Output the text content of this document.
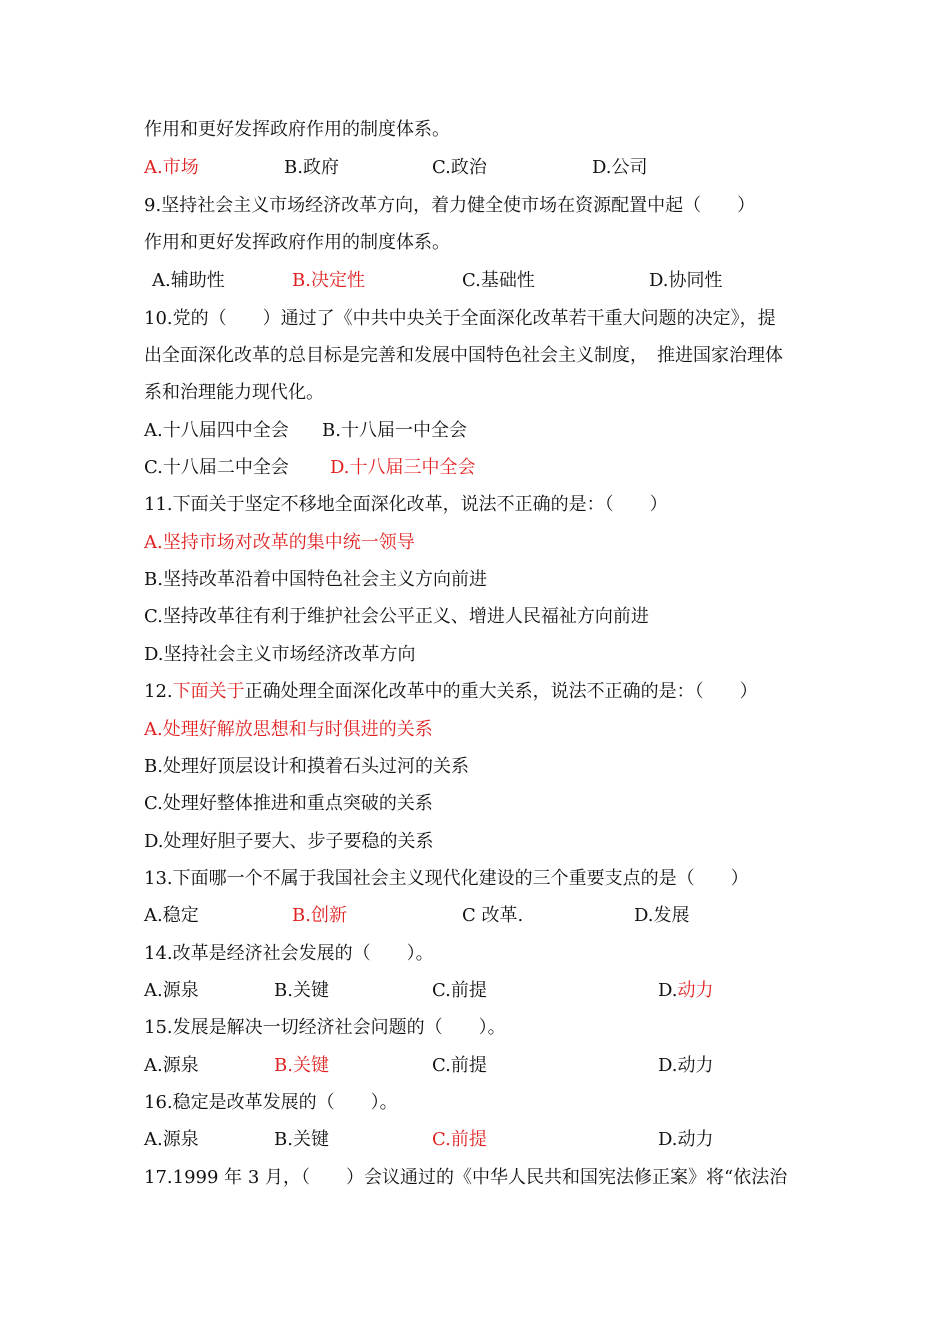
作用和更好发挥政府作用的制度体系。
A.市场	B.政府	C.政治	D.公司
9.坚持社会主义市场经济改革方向，着力健全使市场在资源配置中起（　　）
作用和更好发挥政府作用的制度体系。
A.辅助性	B.决定性	C.基础性	D.协同性
10.党的（　　）通过了《中共中央关于全面深化改革若干重大问题的决定》，提
出全面深化改革的总目标是完善和发展中国特色社会主义制度，　推进国家治理体
系和治理能力现代化。
A.十八届四中全会 B.十八届一中全会
C.十八届二中全会 D.十八届三中全会
11.下面关于坚定不移地全面深化改革，说法不正确的是：（　　）
A.坚持市场对改革的集中统一领导
B.坚持改革沿着中国特色社会主义方向前进
C.坚持改革往有利于维护社会公平正义、增进人民福祉方向前进
D.坚持社会主义市场经济改革方向
12.下面关于正确处理全面深化改革中的重大关系，说法不正确的是：（　　）
A.处理好解放思想和与时俱进的关系
B.处理好顶层设计和摸着石头过河的关系
C.处理好整体推进和重点突破的关系
D.处理好胆子要大、步子要稳的关系
13.下面哪一个不属于我国社会主义现代化建设的三个重要支点的是（　　）
A.稳定	B.创新	C 改革.	D.发展
14.改革是经济社会发展的（　　）。
A.源泉	B.关键	C.前提	D.动力
15.发展是解决一切经济社会问题的（　　）。
A.源泉	B.关键	C.前提	D.动力
16.稳定是改革发展的（　　）。
A.源泉	B.关键	C.前提	D.动力
17.1999 年 3 月，（　　）会议通过的《中华人民共和国宪法修正案》将“依法治
